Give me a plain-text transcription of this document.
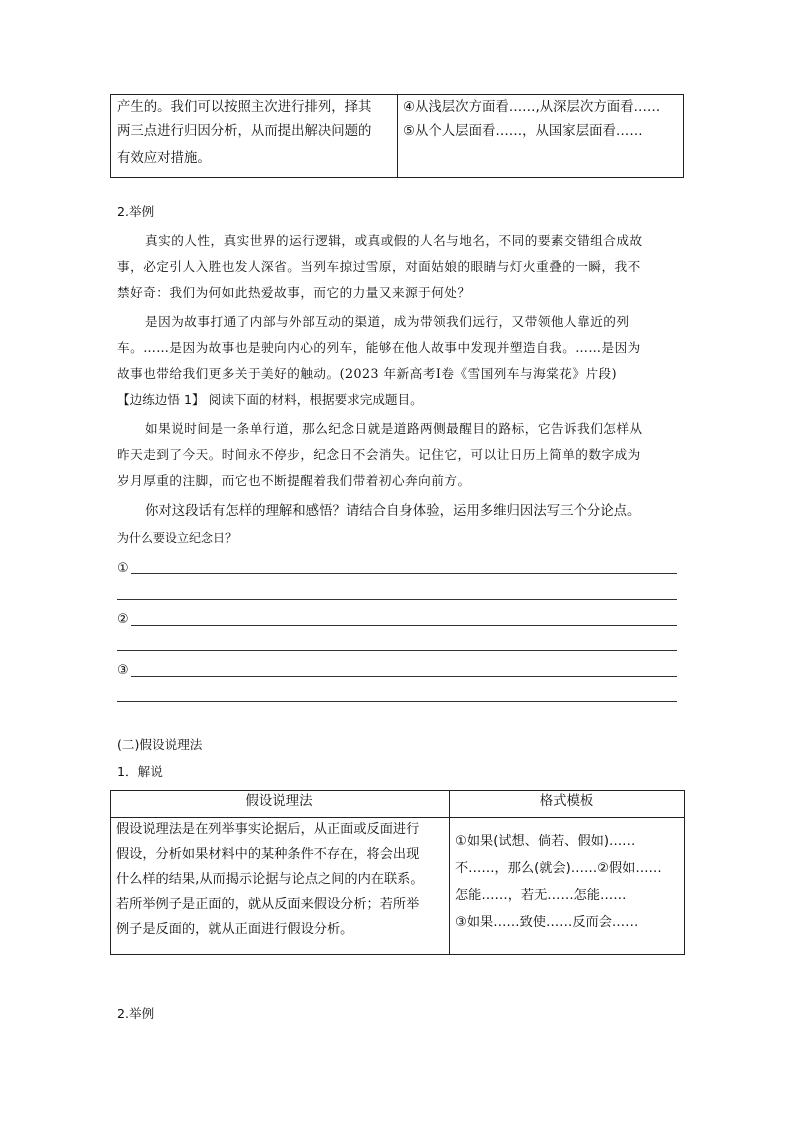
产生的。我们可以按照主次进行排列，择其
两三点进行归因分析，从而提出解决问题的
有效应对措施。
④从浅层次方面看……,从深层次方面看……
⑤从个人层面看……，从国家层面看……
2.举例
真实的人性，真实世界的运行逻辑，或真或假的人名与地名，不同的要素交错组合成故
事，必定引人入胜也发人深省。当列车掠过雪原，对面姑娘的眼睛与灯火重叠的一瞬，我不
禁好奇：我们为何如此热爱故事，而它的力量又来源于何处？
是因为故事打通了内部与外部互动的渠道，成为带领我们远行，又带领他人靠近的列
车。……是因为故事也是驶向内心的列车，能够在他人故事中发现并塑造自我。……是因为
故事也带给我们更多关于美好的触动。(2023 年新高考Ⅰ卷《雪国列车与海棠花》片段)
【边练边悟 1】 阅读下面的材料，根据要求完成题目。
如果说时间是一条单行道，那么纪念日就是道路两侧最醒目的路标，它告诉我们怎样从
昨天走到了今天。时间永不停步，纪念日不会消失。记住它，可以让日历上简单的数字成为
岁月厚重的注脚，而它也不断提醒着我们带着初心奔向前方。
你对这段话有怎样的理解和感悟？请结合自身体验，运用多维归因法写三个分论点。
为什么要设立纪念日？
①
②
③
(二)假设说理法
1．解说
假设说理法	格式模板
假设说理法是在列举事实论据后，从正面或反面进行
假设，分析如果材料中的某种条件不存在，将会出现
什么样的结果,从而揭示论据与论点之间的内在联系。
若所举例子是正面的，就从反面来假设分析；若所举
例子是反面的，就从正面进行假设分析。
①如果(试想、倘若、假如)……
不……，那么(就会)……②假如……
怎能……，若无……怎能……
③如果……致使……反而会……
2.举例
